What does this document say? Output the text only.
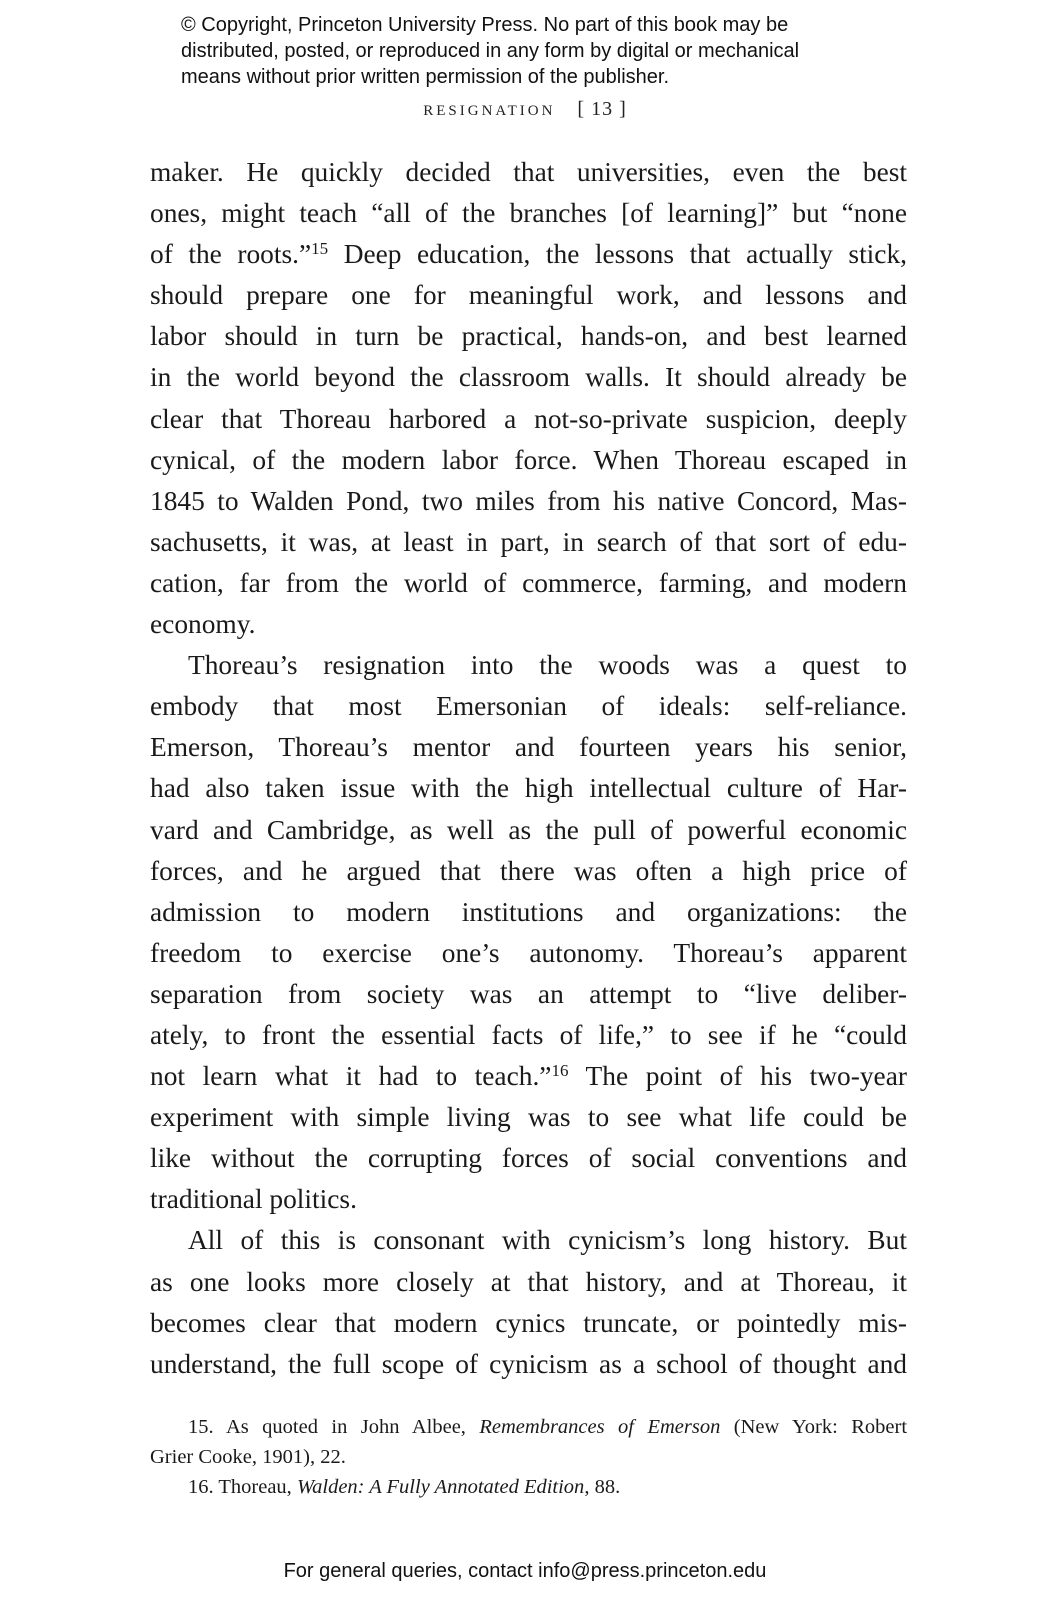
© Copyright, Princeton University Press. No part of this book may be
distributed, posted, or reproduced in any form by digital or mechanical
means without prior written permission of the publisher.
resignation [ 13 ]
maker. He quickly decided that universities, even the best
ones, might teach “all of the branches [of learning]” but “none
of the roots.”$^{15}$ Deep education, the lessons that actually stick,
should prepare one for meaningful work, and lessons and
labor should in turn be practical, hands-on, and best learned
in the world beyond the classroom walls. It should already be
clear that Thoreau harbored a not-so-private suspicion, deeply
cynical, of the modern labor force. When Thoreau escaped in
1845 to Walden Pond, two miles from his native Concord, Mas-
sachusetts, it was, at least in part, in search of that sort of edu-
cation, far from the world of commerce, farming, and modern
economy.
Thoreau’s resignation into the woods was a quest to
embody that most Emersonian of ideals: self-reliance.
Emerson, Thoreau’s mentor and fourteen years his senior,
had also taken issue with the high intellectual culture of Har-
vard and Cambridge, as well as the pull of powerful economic
forces, and he argued that there was often a high price of
admission to modern institutions and organizations: the
freedom to exercise one’s autonomy. Thoreau’s apparent
separation from society was an attempt to “live deliber-
ately, to front the essential facts of life,” to see if he “could
not learn what it had to teach.”$^{16}$ The point of his two-year
experiment with simple living was to see what life could be
like without the corrupting forces of social conventions and
traditional politics.
All of this is consonant with cynicism’s long history. But
as one looks more closely at that history, and at Thoreau, it
becomes clear that modern cynics truncate, or pointedly mis-
understand, the full scope of cynicism as a school of thought and
15. As quoted in John Albee, Remembrances of Emerson (New York: Robert
Grier Cooke, 1901), 22.
16. Thoreau, Walden: A Fully Annotated Edition, 88.
For general queries, contact info@press.princeton.edu
